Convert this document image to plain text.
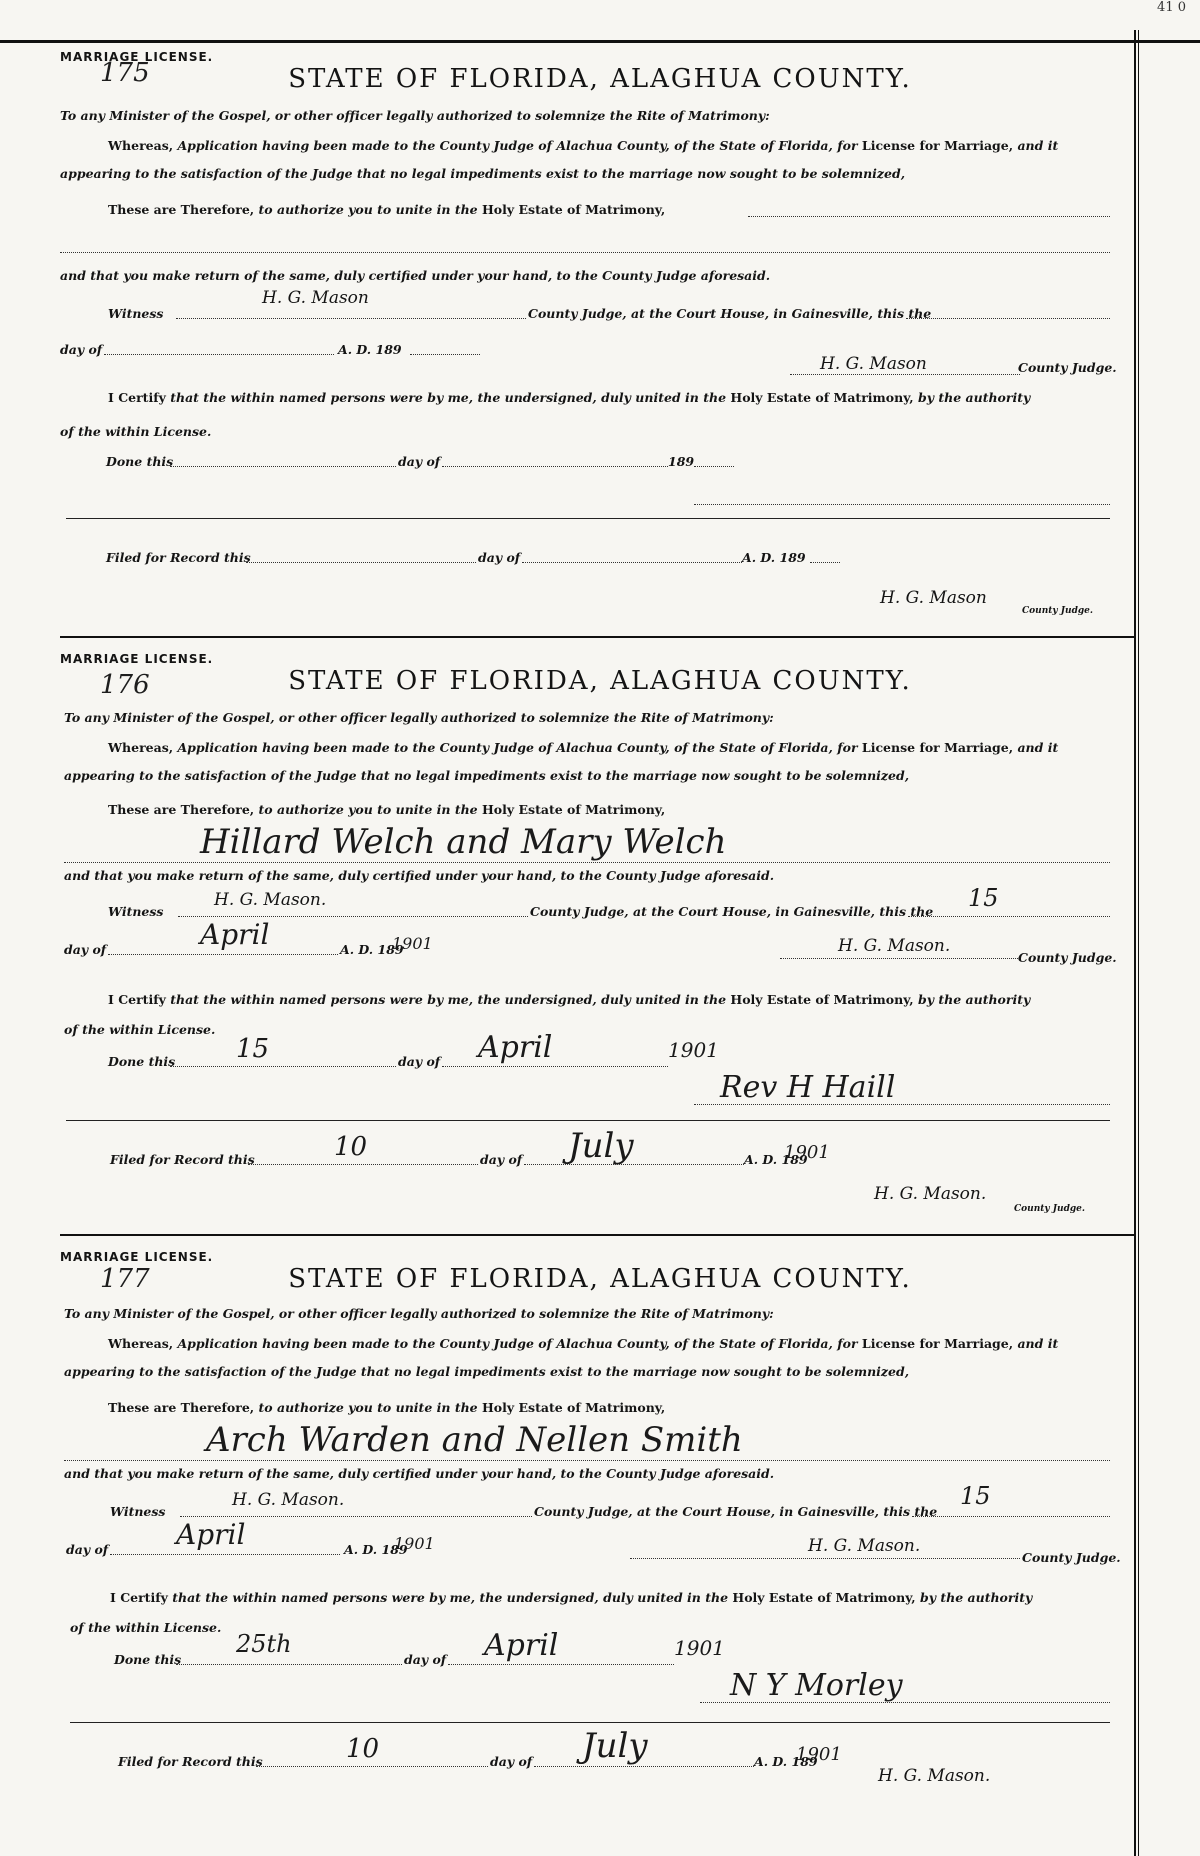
41 0
MARRIAGE LICENSE.
175	STATE OF FLORIDA, ALAGHUA COUNTY.
To any Minister of the Gospel, or other officer legally authorized to solemnize the Rite of Matrimony:
Whereas, Application having been made to the County Judge of Alachua County, of the State of Florida, for License for Marriage, and it
appearing to the satisfaction of the Judge that no legal impediments exist to the marriage now sought to be solemnized,
These are Therefore, to authorize you to unite in the Holy Estate of Matrimony,
and that you make return of the same, duly certified under your hand, to the County Judge aforesaid.
Witness
H. G. Mason
County Judge, at the Court House, in Gainesville, this the
day of	A. D. 189
H. G. Mason	County Judge.
I Certify that the within named persons were by me, the undersigned, duly united in the Holy Estate of Matrimony, by the authority
of the within License.
Done this	day of	189
Filed for Record this	day of	A. D. 189
H. G. Mason
County Judge.
MARRIAGE LICENSE.
176	STATE OF FLORIDA, ALAGHUA COUNTY.
To any Minister of the Gospel, or other officer legally authorized to solemnize the Rite of Matrimony:
Whereas, Application having been made to the County Judge of Alachua County, of the State of Florida, for License for Marriage, and it
appearing to the satisfaction of the Judge that no legal impediments exist to the marriage now sought to be solemnized,
These are Therefore, to authorize you to unite in the Holy Estate of Matrimony,
Hillard Welch and Mary Welch
and that you make return of the same, duly certified under your hand, to the County Judge aforesaid.
Witness
H. G. Mason.
County Judge, at the Court House, in Gainesville, this the 15
day of	April	A. D. 189
1901	H. G. Mason.
County Judge.
I Certify that the within named persons were by me, the undersigned, duly united in the Holy Estate of Matrimony, by the authority
of the within License.
Done this 15	day of April	1901
Rev H Haill
Filed for Record this	10	day of July	A. D. 189
1901
H. G. Mason.
County Judge.
MARRIAGE LICENSE.
177	STATE OF FLORIDA, ALAGHUA COUNTY.
To any Minister of the Gospel, or other officer legally authorized to solemnize the Rite of Matrimony:
Whereas, Application having been made to the County Judge of Alachua County, of the State of Florida, for License for Marriage, and it
appearing to the satisfaction of the Judge that no legal impediments exist to the marriage now sought to be solemnized,
These are Therefore, to authorize you to unite in the Holy Estate of Matrimony,
Arch Warden and Nellen Smith
and that you make return of the same, duly certified under your hand, to the County Judge aforesaid.
Witness
H. G. Mason.
County Judge, at the Court House, in Gainesville, this the
15
day of April	A. D. 189
1901	H. G. Mason.
County Judge.
I Certify that the within named persons were by me, the undersigned, duly united in the Holy Estate of Matrimony, by the authority
of the within License.
Done this
25th
day of April	1901
N Y Morley
Filed for Record this	10	day of July	A. D. 189
1901
H. G. Mason.
